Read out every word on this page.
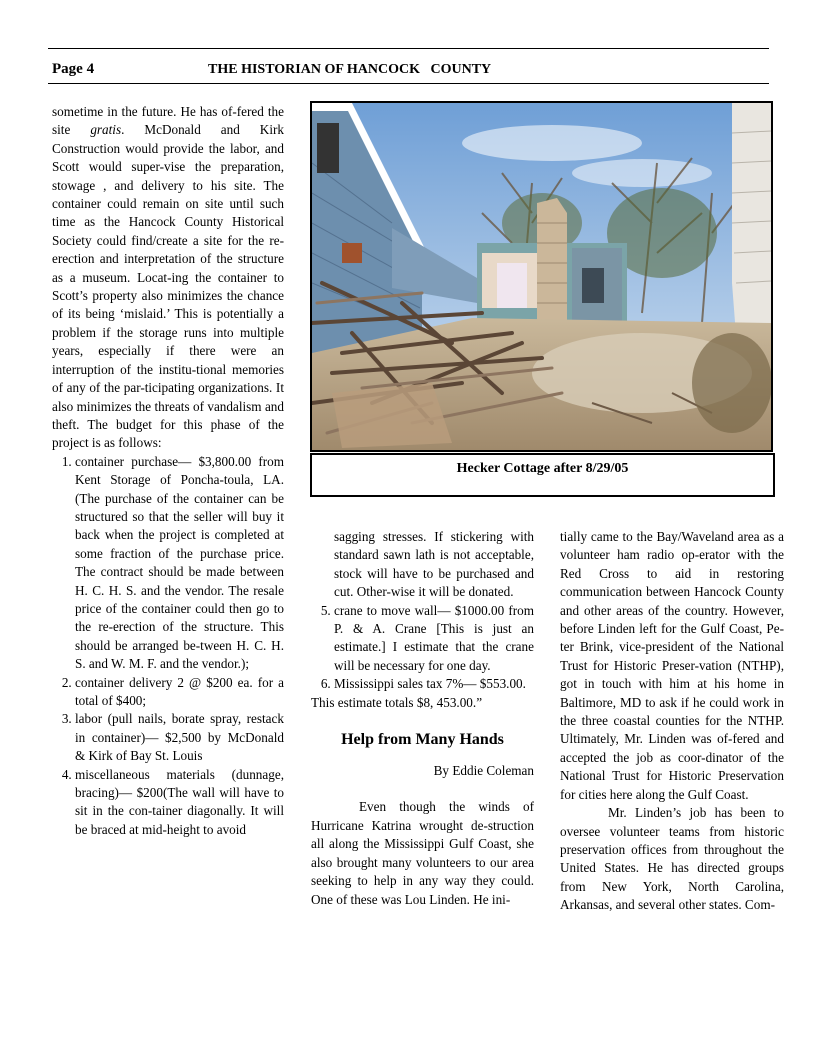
Page 4	THE HISTORIAN OF HANCOCK   COUNTY

sometime in the future. He has of-fered the site gratis. McDonald and Kirk Construction would provide the labor, and Scott would super-vise the preparation, stowage , and delivery to his site. The container could remain on site until such time as the Hancock County Historical Society could find/create a site for the re-erection and interpretation of the structure as a museum. Locat-ing the container to Scott’s property also minimizes the chance of its being ‘mislaid.’ This is potentially a problem if the storage runs into multiple years, especially if there were an interruption of the institu-tional memories of any of the par-ticipating organizations. It also minimizes the threats of vandalism and theft. The budget for this phase of the project is as follows:

1. container purchase— $3,800.00 from Kent Storage of Poncha-toula, LA. (The purchase of the container can be structured so that the seller will buy it back when the project is completed at some fraction of the purchase price. The contract should be made between H. C. H. S. and the vendor. The resale price of the container could then go to the re-erection of the structure. This should be arranged be-tween H. C. H. S. and W. M. F. and the vendor.);
2. container delivery 2 @ $200 ea. for a total of $400;
3. labor (pull nails, borate spray, restack in container)— $2,500 by McDonald & Kirk of Bay St. Louis
4. miscellaneous materials (dunnage, bracing)— $200(The wall will have to sit in the con-tainer diagonally. It will be braced at mid-height to avoid
Hecker Cottage after 8/29/05
sagging stresses. If stickering with standard sawn lath is not acceptable, stock will have to be purchased and cut. Other-wise it will be donated.
5. crane to move wall— $1000.00 from P. & A. Crane [This is just an estimate.] I estimate that the crane will be necessary for one day.
6. Mississippi sales tax 7%— $553.00.

This estimate totals $8, 453.00.”

Help from Many Hands
By Eddie Coleman

Even though the winds of Hurricane Katrina wrought de-struction all along the Mississippi Gulf Coast, she also brought many volunteers to our area seeking to help in any way they could. One of these was Lou Linden. He ini-

tially came to the Bay/Waveland area as a volunteer ham radio op-erator with the Red Cross to aid in restoring communication between Hancock County and other areas of the country. However, before Linden left for the Gulf Coast, Pe-ter Brink, vice-president of the National Trust for Historic Preser-vation (NTHP), got in touch with him at his home in Baltimore, MD to ask if he could work in the three coastal counties for the NTHP. Ultimately, Mr. Linden was of-fered and accepted the job as coor-dinator of the National Trust for Historic Preservation for cities here along the Gulf Coast.

Mr. Linden’s job has been to oversee volunteer teams from historic preservation offices from throughout the United States. He has directed groups from New York, North Carolina, Arkansas, and several other states. Com-
